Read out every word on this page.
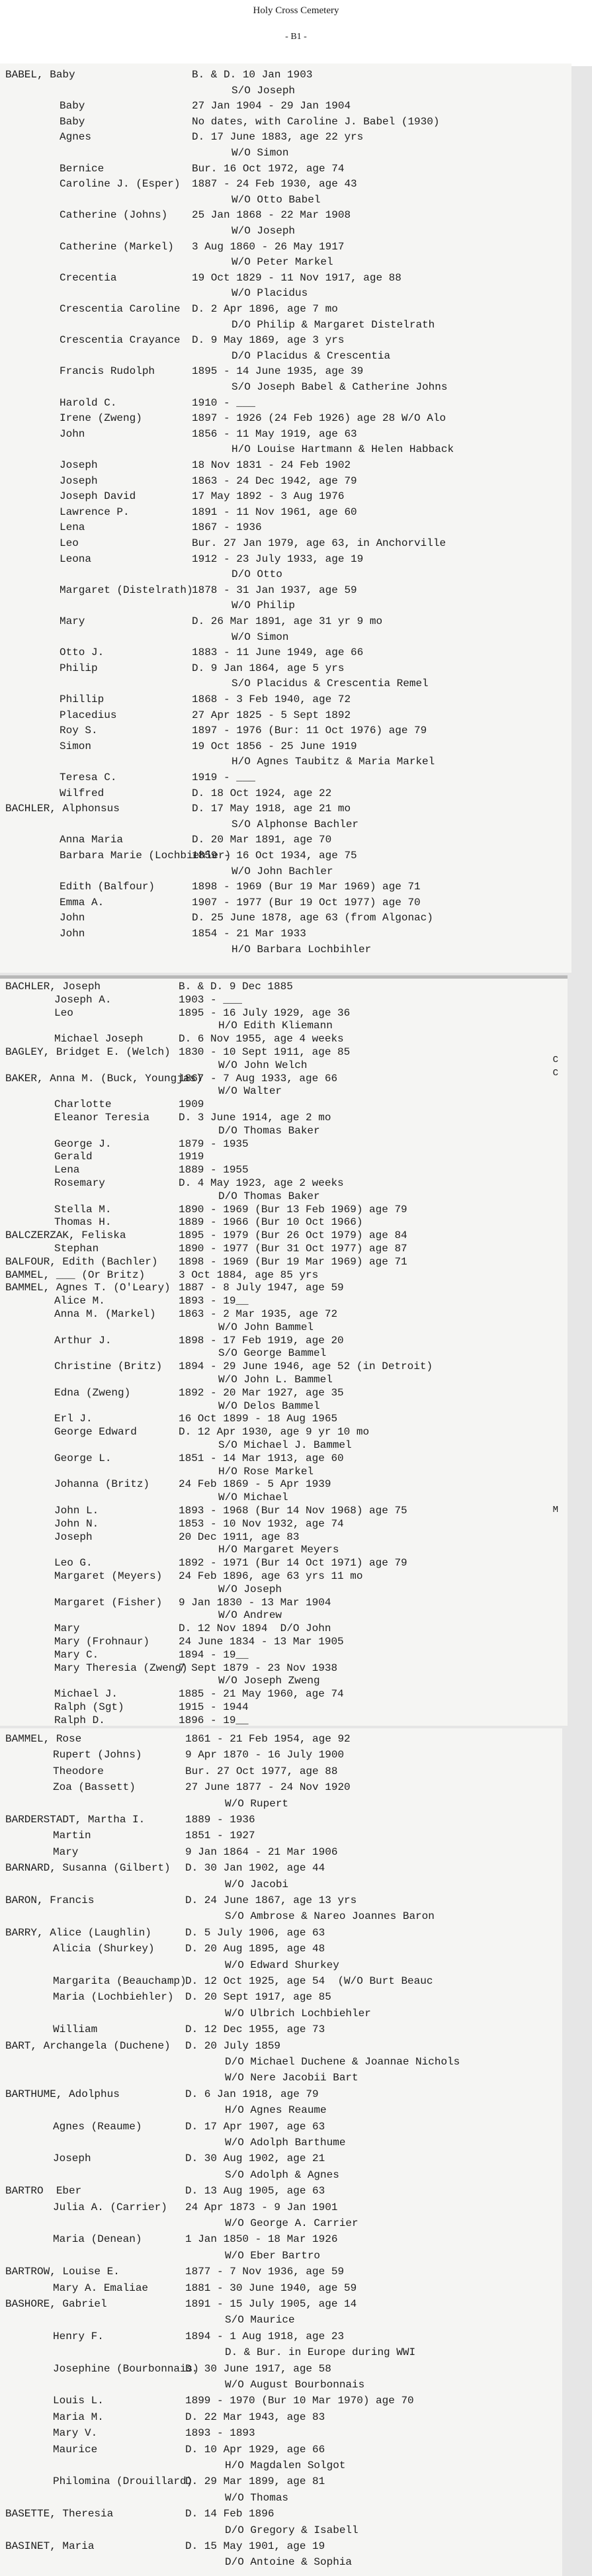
Holy Cross Cemetery
- B1 -
BABEL, Baby	B. & D. 10 Jan 1903
S/O Joseph
Baby	27 Jan 1904 - 29 Jan 1904
Baby	No dates, with Caroline J. Babel (1930)
Agnes	D. 17 June 1883, age 22 yrs
W/O Simon
Bernice	Bur. 16 Oct 1972, age 74
Caroline J. (Esper) 1887 - 24 Feb 1930, age 43
W/O Otto Babel
Catherine (Johns) 25 Jan 1868 - 22 Mar 1908
W/O Joseph
Catherine (Markel) 3 Aug 1860 - 26 May 1917
W/O Peter Markel
Crecentia	19 Oct 1829 - 11 Nov 1917, age 88
W/O Placidus
Crescentia Caroline D. 2 Apr 1896, age 7 mo
D/O Philip & Margaret Distelrath
Crescentia Crayance D. 9 May 1869, age 3 yrs
D/O Placidus & Crescentia
Francis Rudolph	1895 - 14 June 1935, age 39
S/O Joseph Babel & Catherine Johns
Harold C.	1910 - ___
Irene (Zweng)	1897 - 1926 (24 Feb 1926) age 28 W/O Alo
John	1856 - 11 May 1919, age 63
H/O Louise Hartmann & Helen Habback
Joseph	18 Nov 1831 - 24 Feb 1902
Joseph	1863 - 24 Dec 1942, age 79
Joseph David	17 May 1892 - 3 Aug 1976
Lawrence P.	1891 - 11 Nov 1961, age 60
Lena	1867 - 1936
Leo	Bur. 27 Jan 1979, age 63, in Anchorville
Leona	1912 - 23 July 1933, age 19
D/O Otto
Margaret (Distelrath)
1878 - 31 Jan 1937, age 59
W/O Philip
Mary	D. 26 Mar 1891, age 31 yr 9 mo
W/O Simon
Otto J.	1883 - 11 June 1949, age 66
Philip	D. 9 Jan 1864, age 5 yrs
S/O Placidus & Crescentia Remel
Phillip	1868 - 3 Feb 1940, age 72
Placedius	27 Apr 1825 - 5 Sept 1892
Roy S.	1897 - 1976 (Bur: 11 Oct 1976) age 79
Simon	19 Oct 1856 - 25 June 1919
H/O Agnes Taubitz & Maria Markel
Teresa C.	1919 - ___
Wilfred	D. 18 Oct 1924, age 22
BACHLER, Alphonsus	D. 17 May 1918, age 21 mo
S/O Alphonse Bachler
Anna Maria	D. 20 Mar 1891, age 70
Barbara Marie (Lochbiehler)
1859 - 16 Oct 1934, age 75
W/O John Bachler
Edith (Balfour)	1898 - 1969 (Bur 19 Mar 1969) age 71
Emma A.	1907 - 1977 (Bur 19 Oct 1977) age 70
John	D. 25 June 1878, age 63 (from Algonac)
John	1854 - 21 Mar 1933
H/O Barbara Lochbihler
C
C
M
BACHLER, Joseph	B. & D. 9 Dec 1885
Joseph A.	1903 - ___
Leo	1895 - 16 July 1929, age 36
H/O Edith Kliemann
Michael Joseph	D. 6 Nov 1955, age 4 weeks
BAGLEY, Bridget E. (Welch) 1830 - 10 Sept 1911, age 85
W/O John Welch
BAKER, Anna M. (Buck, Youngjas)
1867 - 7 Aug 1933, age 66
W/O Walter
Charlotte	1909
Eleanor Teresia	D. 3 June 1914, age 2 mo
D/O Thomas Baker
George J.	1879 - 1935
Gerald	1919
Lena	1889 - 1955
Rosemary	D. 4 May 1923, age 2 weeks
D/O Thomas Baker
Stella M.	1890 - 1969 (Bur 13 Feb 1969) age 79
Thomas H.	1889 - 1966 (Bur 10 Oct 1966)
BALCZERZAK, Feliska	1895 - 1979 (Bur 26 Oct 1979) age 84
Stephan	1890 - 1977 (Bur 31 Oct 1977) age 87
BALFOUR, Edith (Bachler) 1898 - 1969 (Bur 19 Mar 1969) age 71
BAMMEL, ___ (Or Britz)	3 Oct 1884, age 85 yrs
BAMMEL, Agnes T. (O'Leary) 1887 - 8 July 1947, age 59
Alice M.	1893 - 19__
Anna M. (Markel) 1863 - 2 Mar 1935, age 72
W/O John Bammel
Arthur J.	1898 - 17 Feb 1919, age 20
S/O George Bammel
Christine (Britz) 1894 - 29 June 1946, age 52 (in Detroit)
W/O John L. Bammel
Edna (Zweng)	1892 - 20 Mar 1927, age 35
W/O Delos Bammel
Erl J.	16 Oct 1899 - 18 Aug 1965
George Edward	D. 12 Apr 1930, age 9 yr 10 mo
S/O Michael J. Bammel
George L.	1851 - 14 Mar 1913, age 60
H/O Rose Markel
Johanna (Britz)	24 Feb 1869 - 5 Apr 1939
W/O Michael
John L.	1893 - 1968 (Bur 14 Nov 1968) age 75
John N.	1853 - 10 Nov 1932, age 74
Joseph	20 Dec 1911, age 83
H/O Margaret Meyers
Leo G.	1892 - 1971 (Bur 14 Oct 1971) age 79
Margaret (Meyers) 24 Feb 1896, age 63 yrs 11 mo
W/O Joseph
Margaret (Fisher) 9 Jan 1830 - 13 Mar 1904
W/O Andrew
Mary	D. 12 Nov 1894  D/O John
Mary (Frohnaur)	24 June 1834 - 13 Mar 1905
Mary C.	1894 - 19__
Mary Theresia (Zweng)
7 Sept 1879 - 23 Nov 1938
W/O Joseph Zweng
Michael J.	1885 - 21 May 1960, age 74
Ralph (Sgt)	1915 - 1944
Ralph D.	1896 - 19__
BAMMEL, Rose	1861 - 21 Feb 1954, age 92
Rupert (Johns)	9 Apr 1870 - 16 July 1900
Theodore	Bur. 27 Oct 1977, age 88
Zoa (Bassett)	27 June 1877 - 24 Nov 1920
W/O Rupert
BARDERSTADT, Martha I.	1889 - 1936
Martin	1851 - 1927
Mary	9 Jan 1864 - 21 Mar 1906
BARNARD, Susanna (Gilbert) D. 30 Jan 1902, age 44
W/O Jacobi
BARON, Francis	D. 24 June 1867, age 13 yrs
S/O Ambrose & Nareo Joannes Baron
BARRY, Alice (Laughlin)	D. 5 July 1906, age 63
Alicia (Shurkey)	D. 20 Aug 1895, age 48
W/O Edward Shurkey
Margarita (Beauchamp)
D. 12 Oct 1925, age 54  (W/O Burt Beauc
Maria (Lochbiehler) D. 20 Sept 1917, age 85
W/O Ulbrich Lochbiehler
William	D. 12 Dec 1955, age 73
BART, Archangela (Duchene) D. 20 July 1859
D/O Michael Duchene & Joannae Nichols
W/O Nere Jacobii Bart
BARTHUME, Adolphus	D. 6 Jan 1918, age 79
H/O Agnes Reaume
Agnes (Reaume)	D. 17 Apr 1907, age 63
W/O Adolph Barthume
Joseph	D. 30 Aug 1902, age 21
S/O Adolph & Agnes
BARTRO  Eber	D. 13 Aug 1905, age 63
Julia A. (Carrier) 24 Apr 1873 - 9 Jan 1901
W/O George A. Carrier
Maria (Denean)	1 Jan 1850 - 18 Mar 1926
W/O Eber Bartro
BARTROW, Louise E.	1877 - 7 Nov 1936, age 59
Mary A. Emaliae	1881 - 30 June 1940, age 59
BASHORE, Gabriel	1891 - 15 July 1905, age 14
S/O Maurice
Henry F.	1894 - 1 Aug 1918, age 23
D. & Bur. in Europe during WWI
Josephine (Bourbonnais)
D. 30 June 1917, age 58
W/O August Bourbonnais
Louis L.	1899 - 1970 (Bur 10 Mar 1970) age 70
Maria M.	D. 22 Mar 1943, age 83
Mary V.	1893 - 1893
Maurice	D. 10 Apr 1929, age 66
H/O Magdalen Solgot
Philomina (Drouillard)
D. 29 Mar 1899, age 81
W/O Thomas
BASETTE, Theresia	D. 14 Feb 1896
D/O Gregory & Isabell
BASINET, Maria	D. 15 May 1901, age 19
D/O Antoine & Sophia
